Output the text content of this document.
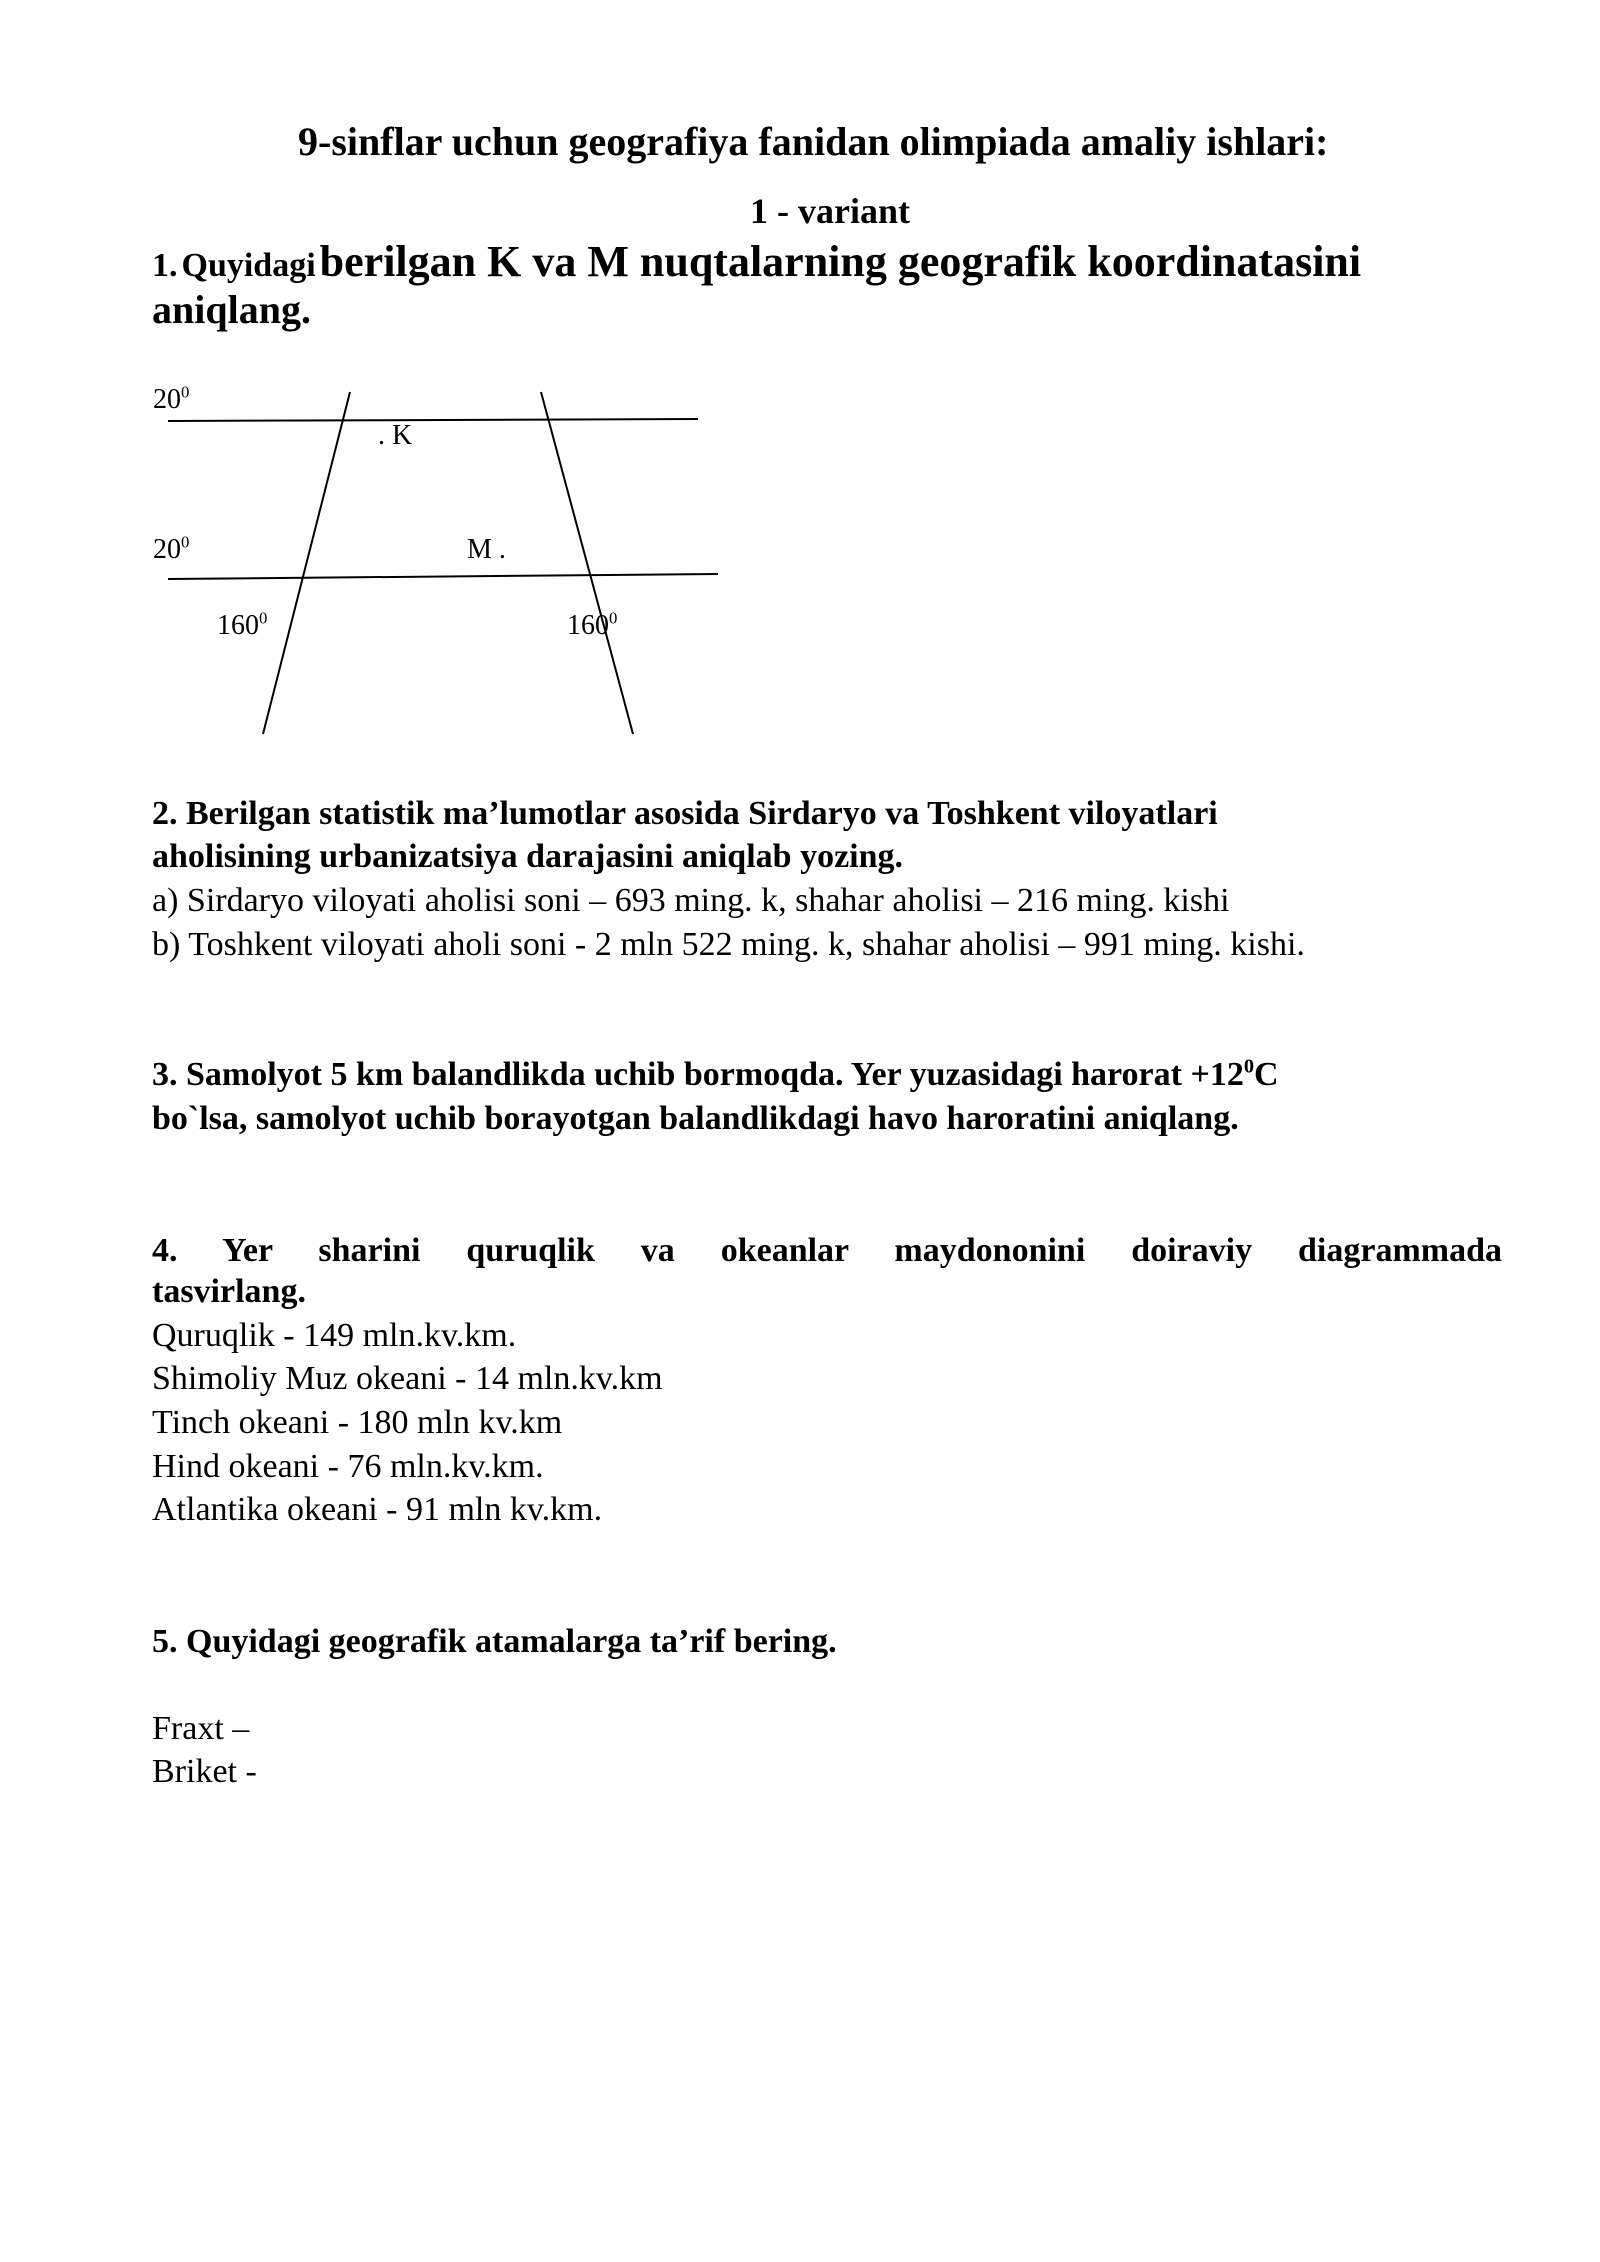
9-sinflar uchun geografiya fanidan olimpiada amaliy ishlari:
1 - variant
1. Quyidagi berilgan K va M nuqtalarning geografik koordinatasini
aniqlang.
$20^0$
. K
$20^0$	M .
$160^0$	$160^0$
2. Berilgan statistik ma’lumotlar asosida Sirdaryo va Toshkent viloyatlari
aholisining urbanizatsiya darajasini aniqlab yozing.
a) Sirdaryo viloyati aholisi soni – 693 ming. k, shahar aholisi – 216 ming. kishi
b) Toshkent viloyati aholi soni - 2 mln 522 ming. k, shahar aholisi – 991 ming. kishi.
3. Samolyot 5 km balandlikda uchib bormoqda. Yer yuzasidagi harorat $+12^0C$
bo`lsa, samolyot uchib borayotgan balandlikdagi havo haroratini aniqlang.
4. Yer sharini quruqlik va okeanlar maydononini doiraviy diagrammada
tasvirlang.
Quruqlik - 149 mln.kv.km.
Shimoliy Muz okeani - 14 mln.kv.km
Tinch okeani - 180 mln kv.km
Hind okeani - 76 mln.kv.km.
Atlantika okeani - 91 mln kv.km.
5. Quyidagi geografik atamalarga ta’rif bering.
Fraxt –
Briket -
